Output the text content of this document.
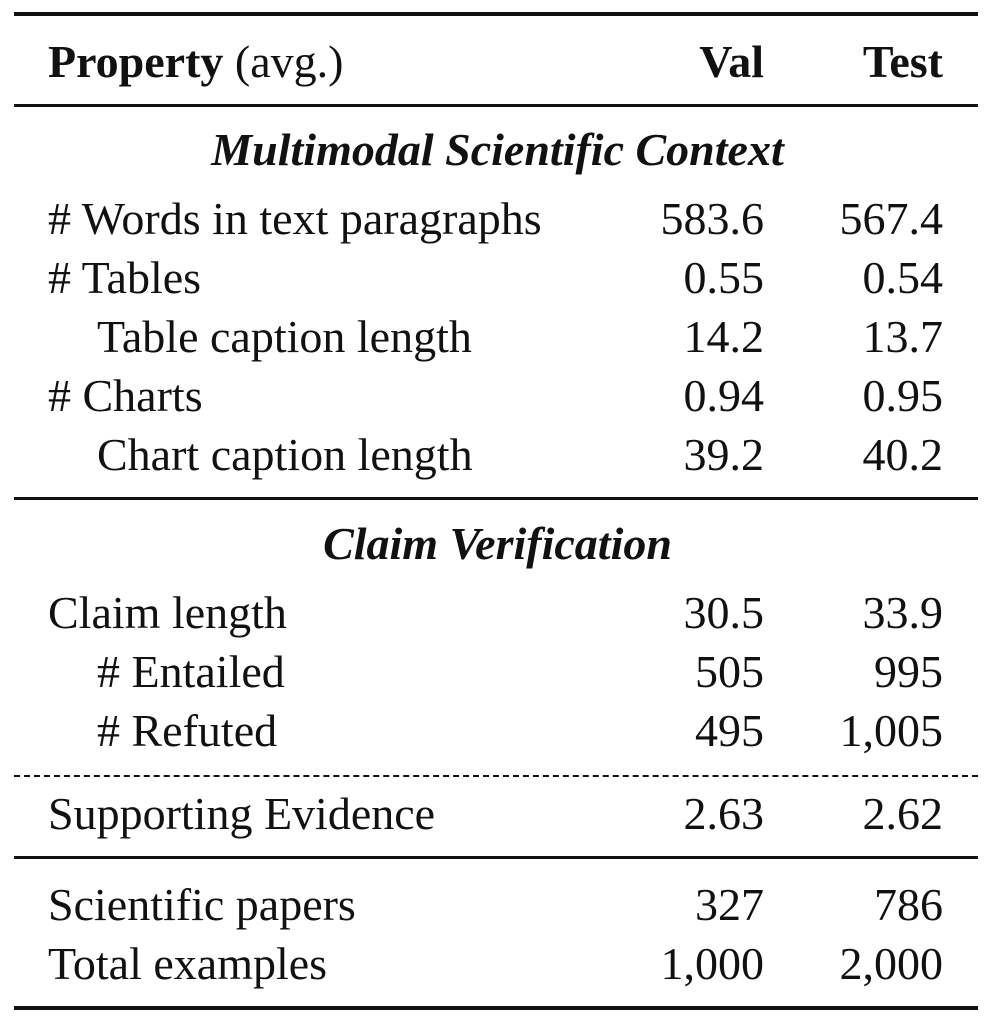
Property (avg.)	Val Test
Multimodal Scientific Context
# Words in text paragraphs	583.6 567.4
# Tables	0.55 0.54
Table caption length	14.2 13.7
# Charts	0.94 0.95
Chart caption length	39.2 40.2
Claim Verification
Claim length	30.5 33.9
# Entailed	505 995
# Refuted	495 1,005
Supporting Evidence	2.63 2.62
Scientific papers	327 786
Total examples	1,000 2,000
